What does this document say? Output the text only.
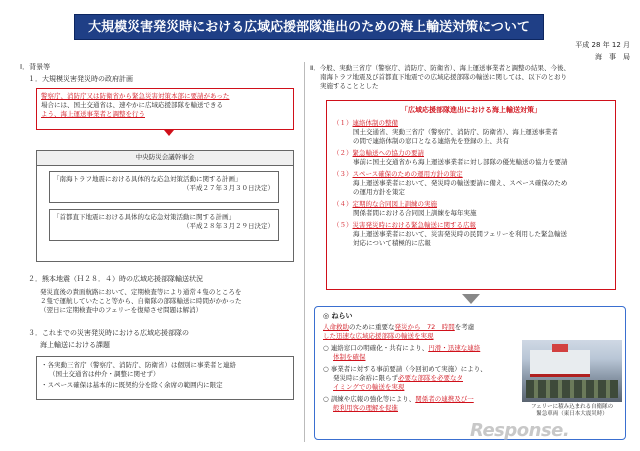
大規模災害発災時における広域応援部隊進出のための海上輸送対策について
平成 28 年 12 月
海　事　局
Ⅰ．背景等
１．大規模災害発災時の政府計画
警察庁、消防庁又は防衛省から緊急災害対策本部に要請があった
場合には、国土交通省は、速やかに広域応援部隊を輸送できる
よう、海上運送事業者と調整を行う
中央防災会議幹事会
「南海トラフ地震における具体的な応急対策活動に関する計画」
（平成２７年３月３０日決定）
「首都直下地震における具体的な応急対策活動に関する計画」
（平成２８年３月２９日決定）
２．熊本地震（Ｈ２８．４）時の広域応援部隊輸送状況
発災直後の貴面航路において、定期検査等により通常４隻のところを
２隻で運航していたこと等から、自衛隊の部隊輸送に時間がかかった
（翌日に定期検査中のフェリーを復帰させ問題は解消）
３．これまでの災害発災時における広域応援部隊の
海上輸送における課題
・各実動三省庁（警察庁、消防庁、防衛省）は個別に事業者と連絡
（国土交通省は仲介・調整に関せず）
・スペース確保は基本的に既契約分を除く余席の範囲内に限定
Ⅱ．今般、実動三省庁（警察庁、消防庁、防衛省）、海上運送事業者と調整の結果、今後、
南海トラフ地震及び首都直下地震での広域応援部隊の輸送に関しては、以下のとおり
実施することとした
「広域応援部隊進出における海上輸送対策」
（１）連絡体制の整備
国土交通省、実動三省庁（警察庁、消防庁、防衛省）、海上運送事業者
の間で連絡体制の窓口となる連絡先を登録の上、共有
（２）緊急輸送への協力の要請
事前に国土交通省から海上運送事業者に対し部隊の優先輸送の協力を要請
（３）スペース確保のための運用方針の策定
海上運送事業者において、発災時の輸送要請に備え、スペース確保のため
の運用方針を策定
（４）定期的な合同図上訓練の実施
関係者間における合同図上訓練を毎年実施
（５）災害発災時における緊急輸送に関する広報
海上運送事業者において、災害発災時の民間フェリーを利用した緊急輸送
対応について積極的に広報
◎ ねらい
人命救助のために重要な発災から　72　時間を考慮
した迅速な広域応援部隊の輸送を実現
○ 連絡窓口の明確化・共有により、円滑・迅速な連絡
体制を確保
○ 事業者に対する事前要請（今回初めて実施）により、
発災時に余裕に限らず必要な部隊を必要なタ
イミングでの輸送を実現
○ 訓練や広報の強化等により、関係者の連携及び一
般利用客の理解を促進	フェリーに積み込まれる自衛隊の
緊急車両（東日本大震災時）
Response.
